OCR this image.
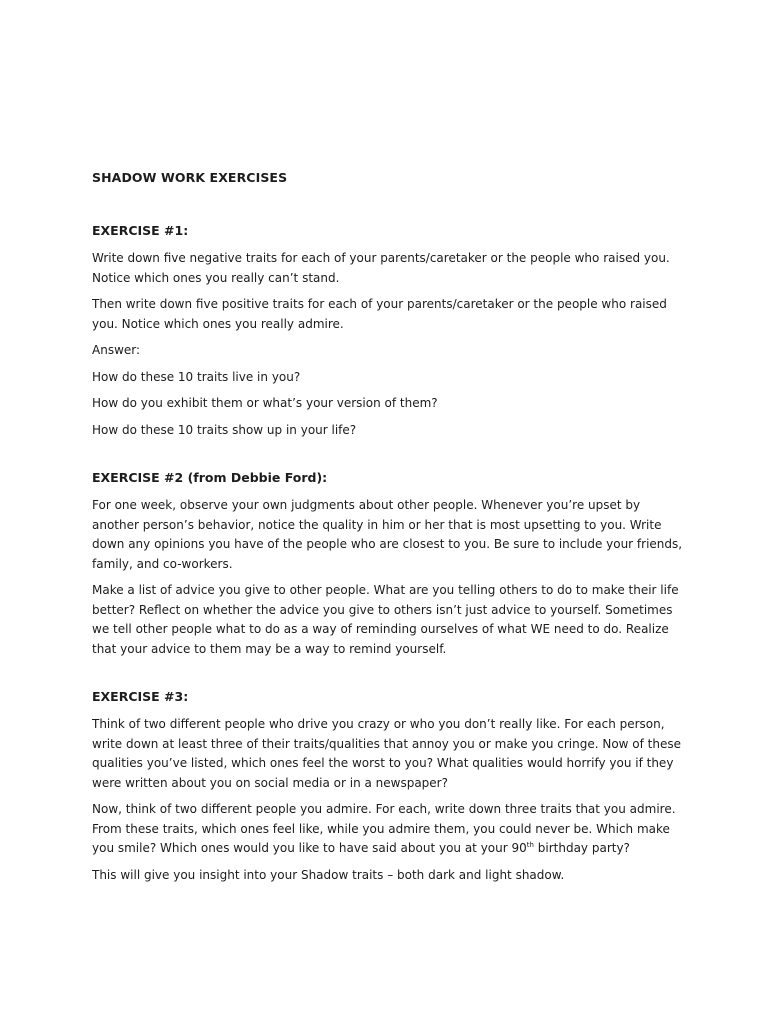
SHADOW WORK EXERCISES
EXERCISE #1:

Write down five negative traits for each of your parents/caretaker or the people who raised you. Notice which ones you really can’t stand.

Then write down five positive traits for each of your parents/caretaker or the people who raised you. Notice which ones you really admire.

Answer:

How do these 10 traits live in you?

How do you exhibit them or what’s your version of them?

How do these 10 traits show up in your life?

EXERCISE #2 (from Debbie Ford):

For one week, observe your own judgments about other people. Whenever you’re upset by another person’s behavior, notice the quality in him or her that is most upsetting to you. Write down any opinions you have of the people who are closest to you. Be sure to include your friends, family, and co-workers.

Make a list of advice you give to other people. What are you telling others to do to make their life better? Reflect on whether the advice you give to others isn’t just advice to yourself. Sometimes we tell other people what to do as a way of reminding ourselves of what WE need to do. Realize that your advice to them may be a way to remind yourself.

EXERCISE #3:

Think of two different people who drive you crazy or who you don’t really like. For each person, write down at least three of their traits/qualities that annoy you or make you cringe. Now of these qualities you’ve listed, which ones feel the worst to you? What qualities would horrify you if they were written about you on social media or in a newspaper?

Now, think of two different people you admire. For each, write down three traits that you admire. From these traits, which ones feel like, while you admire them, you could never be. Which make you smile? Which ones would you like to have said about you at your 90th birthday party?

This will give you insight into your Shadow traits – both dark and light shadow.
